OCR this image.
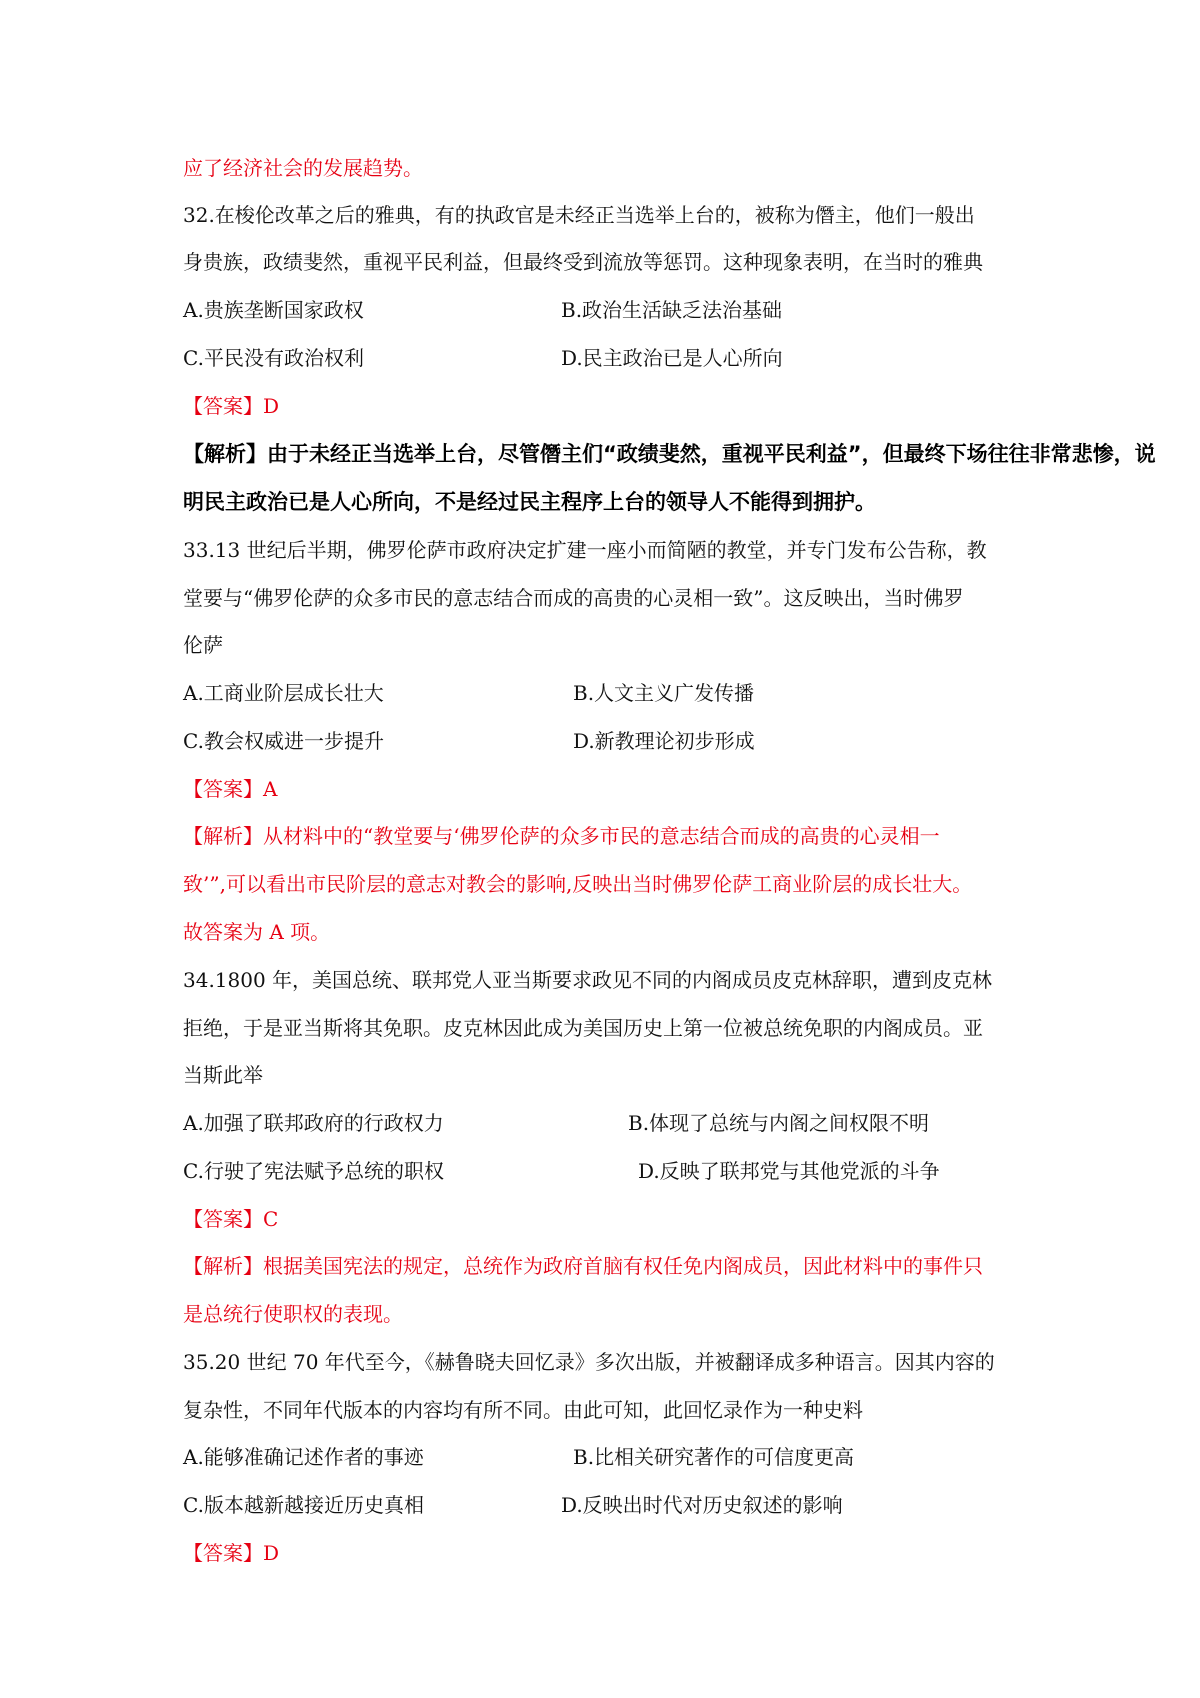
应了经济社会的发展趋势。
32.在梭伦改革之后的雅典，有的执政官是未经正当选举上台的，被称为僭主，他们一般出
身贵族，政绩斐然，重视平民利益，但最终受到流放等惩罚。这种现象表明，在当时的雅典
A.贵族垄断国家政权	B.政治生活缺乏法治基础
C.平民没有政治权利	D.民主政治已是人心所向
【答案】D
【解析】由于未经正当选举上台，尽管僭主们“政绩斐然，重视平民利益”，但最终下场往往非常悲惨，说
明民主政治已是人心所向，不是经过民主程序上台的领导人不能得到拥护。
33.13 世纪后半期，佛罗伦萨市政府决定扩建一座小而简陋的教堂，并专门发布公告称，教
堂要与“佛罗伦萨的众多市民的意志结合而成的高贵的心灵相一致”。这反映出，当时佛罗
伦萨
A.工商业阶层成长壮大	B.人文主义广发传播
C.教会权威进一步提升	D.新教理论初步形成
【答案】A
【解析】从材料中的“教堂要与‘佛罗伦萨的众多市民的意志结合而成的高贵的心灵相一
致’”,可以看出市民阶层的意志对教会的影响,反映出当时佛罗伦萨工商业阶层的成长壮大。
故答案为 A 项。
34.1800 年，美国总统、联邦党人亚当斯要求政见不同的内阁成员皮克林辞职，遭到皮克林
拒绝，于是亚当斯将其免职。皮克林因此成为美国历史上第一位被总统免职的内阁成员。亚
当斯此举
A.加强了联邦政府的行政权力	B.体现了总统与内阁之间权限不明
C.行驶了宪法赋予总统的职权	D.反映了联邦党与其他党派的斗争
【答案】C
【解析】根据美国宪法的规定，总统作为政府首脑有权任免内阁成员，因此材料中的事件只
是总统行使职权的表现。
35.20 世纪 70 年代至今，《赫鲁晓夫回忆录》多次出版，并被翻译成多种语言。因其内容的
复杂性，不同年代版本的内容均有所不同。由此可知，此回忆录作为一种史料
A.能够准确记述作者的事迹	B.比相关研究著作的可信度更高
C.版本越新越接近历史真相	D.反映出时代对历史叙述的影响
【答案】D
